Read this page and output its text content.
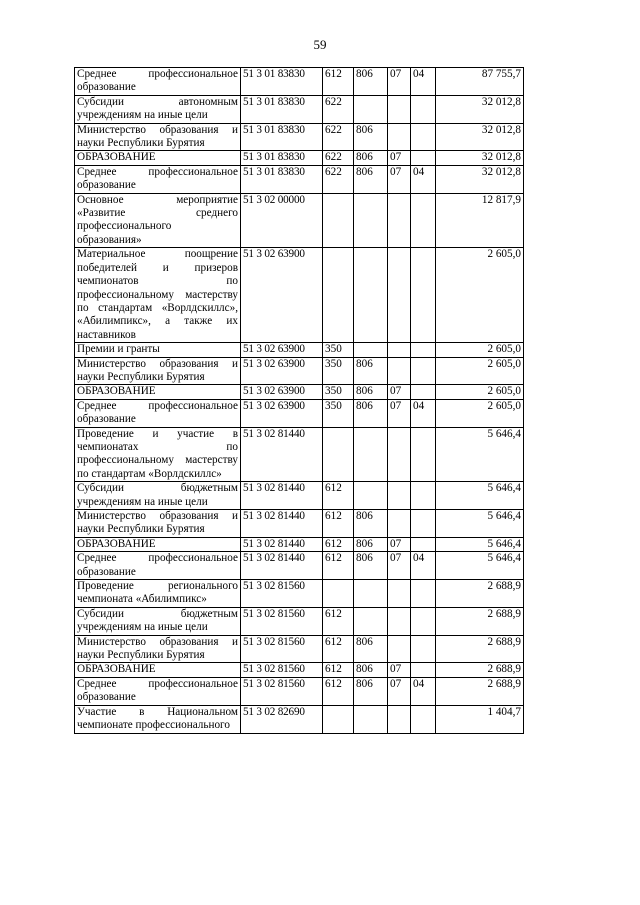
59
Среднее профессиональное образование	51 3 01 83830	612	806	07	04	87 755,7
Субсидии автономным учреждениям на иные цели	51 3 01 83830	622				32 012,8
Министерство образования и науки Республики Бурятия	51 3 01 83830	622	806			32 012,8
ОБРАЗОВАНИЕ	51 3 01 83830	622	806	07		32 012,8
Среднее профессиональное образование	51 3 01 83830	622	806	07	04	32 012,8
Основное мероприятие «Развитие среднего профессионального образования»	51 3 02 00000					12 817,9
Материальное поощрение победителей и призеров чемпионатов по профессиональному мастерству по стандартам «Ворлдскиллс», «Абилимпикс», а также их наставников	51 3 02 63900					2 605,0
Премии и гранты	51 3 02 63900	350				2 605,0
Министерство образования и науки Республики Бурятия	51 3 02 63900	350	806			2 605,0
ОБРАЗОВАНИЕ	51 3 02 63900	350	806	07		2 605,0
Среднее профессиональное образование	51 3 02 63900	350	806	07	04	2 605,0
Проведение и участие в чемпионатах по профессиональному мастерству по стандартам «Ворлдскиллс»	51 3 02 81440					5 646,4
Субсидии бюджетным учреждениям на иные цели	51 3 02 81440	612				5 646,4
Министерство образования и науки Республики Бурятия	51 3 02 81440	612	806			5 646,4
ОБРАЗОВАНИЕ	51 3 02 81440	612	806	07		5 646,4
Среднее профессиональное образование	51 3 02 81440	612	806	07	04	5 646,4
Проведение регионального чемпионата «Абилимпикс»	51 3 02 81560					2 688,9
Субсидии бюджетным учреждениям на иные цели	51 3 02 81560	612				2 688,9
Министерство образования и науки Республики Бурятия	51 3 02 81560	612	806			2 688,9
ОБРАЗОВАНИЕ	51 3 02 81560	612	806	07		2 688,9
Среднее профессиональное образование	51 3 02 81560	612	806	07	04	2 688,9
Участие в Национальном чемпионате профессионального	51 3 02 82690					1 404,7
